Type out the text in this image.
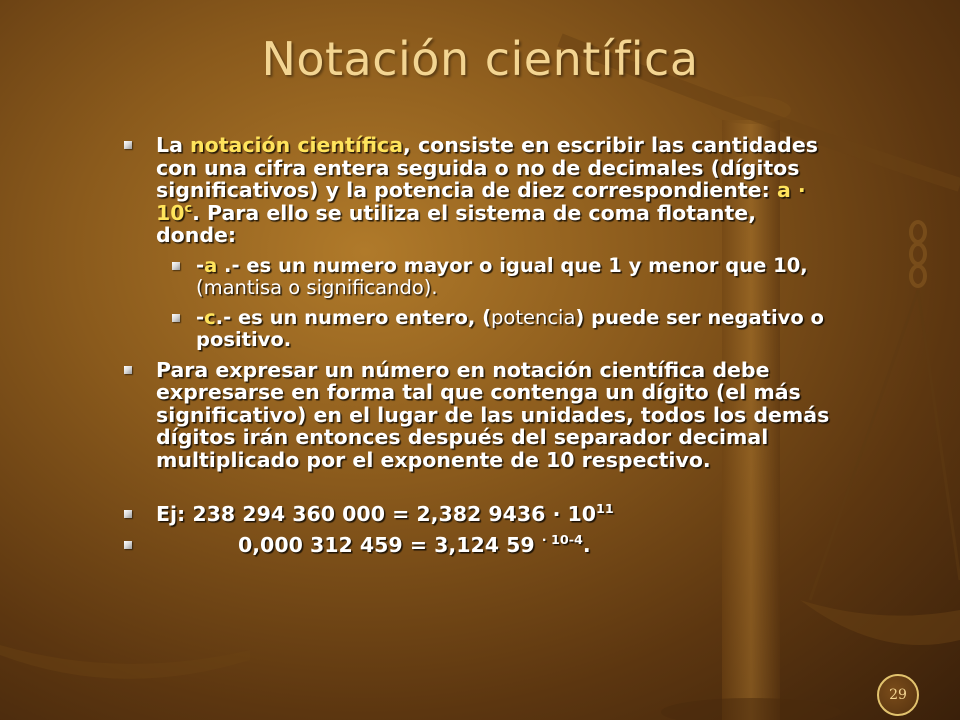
Notación científica
La notación científica, consiste en escribir las cantidades con una cifra entera seguida o no de decimales (dígitos significativos) y la potencia de diez correspondiente: $a \cdot 10^c$. Para ello se utiliza el sistema de coma flotante, donde:
-a .- es un numero mayor o igual que 1 y menor que 10, (mantisa o significando).
-c.- es un numero entero, (potencia) puede ser negativo o positivo.
Para expresar un número en notación científica debe expresarse en forma tal que contenga un dígito (el más significativo) en el lugar de las unidades, todos los demás dígitos irán entonces después del separador decimal multiplicado por el exponente de 10 respectivo.
Ej: 238 294 360 000 = 2,382 $9436 \cdot 10^{11}$
0,000 312 459 = 3,124 59 $^{\cdot 10-4}$.
29
